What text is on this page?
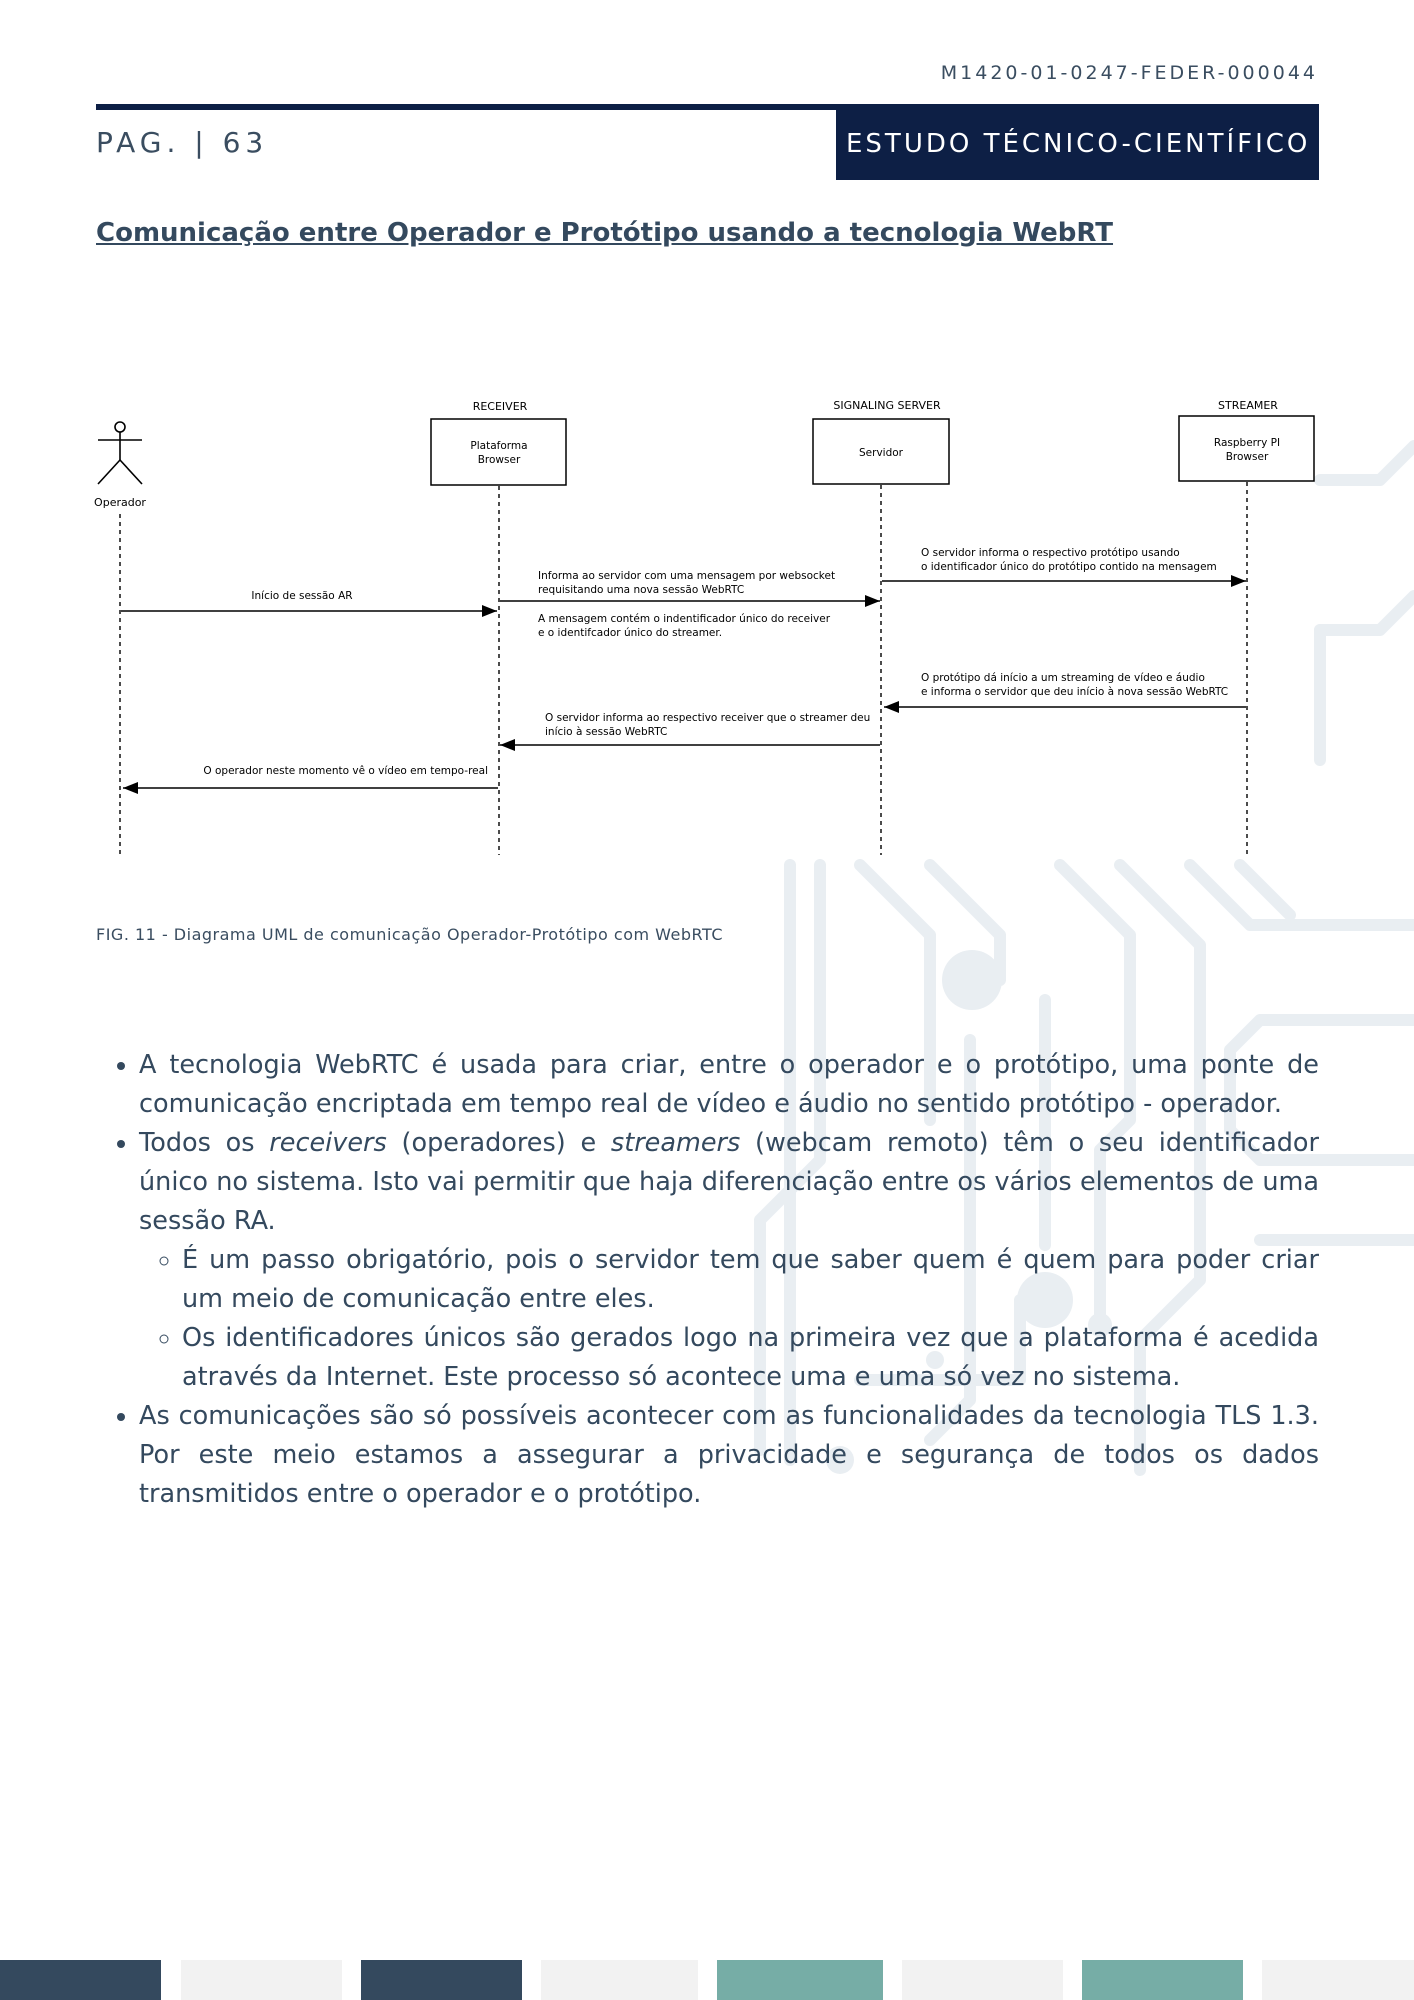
M1420-01-0247-FEDER-000044
PAG. | 63	ESTUDO TÉCNICO-CIENTÍFICO |
Comunicação entre Operador e Protótipo usando a tecnologia WebRT
Operador
RECEIVER	SIGNALING SERVER	STREAMER
Plataforma
Browser
Servidor
Raspberry PI
Browser
Início de sessão AR
Informa ao servidor com uma mensagem por websocket
requisitando uma nova sessão WebRTC
A mensagem contém o indentificador único do receiver
e o identifcador único do streamer.
O servidor informa o respectivo protótipo usando
o identificador único do protótipo contido na mensagem
O protótipo dá início a um streaming de vídeo e áudio
e informa o servidor que deu início à nova sessão WebRTC
O servidor informa ao respectivo receiver que o streamer deu
início à sessão WebRTC
O operador neste momento vê o vídeo em tempo-real
FIG. 11 - Diagrama UML de comunicação Operador-Protótipo com WebRTC
• A tecnologia WebRTC é usada para criar, entre o operador e o protótipo, uma ponte de comunicação encriptada em tempo real de vídeo e áudio no sentido protótipo - operador.
• Todos os receivers (operadores) e streamers (webcam remoto) têm o seu identificador único no sistema. Isto vai permitir que haja diferenciação entre os vários elementos de uma sessão RA.
◦ É um passo obrigatório, pois o servidor tem que saber quem é quem para poder criar um meio de comunicação entre eles.
◦ Os identificadores únicos são gerados logo na primeira vez que a plataforma é acedida através da Internet. Este processo só acontece uma e uma só vez no sistema.
• As comunicações são só possíveis acontecer com as funcionalidades da tecnologia TLS 1.3. Por este meio estamos a assegurar a privacidade e segurança de todos os dados transmitidos entre o operador e o protótipo.
